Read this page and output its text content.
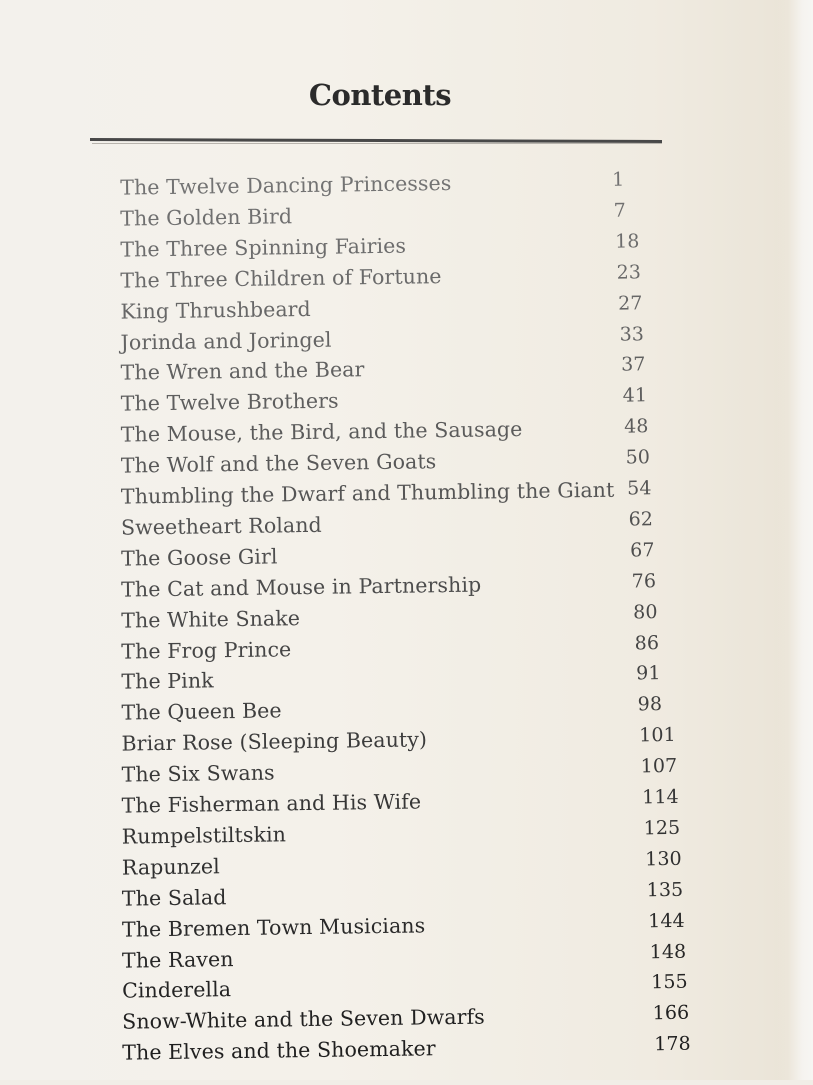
Contents
The Twelve Dancing Princesses	1
The Golden Bird	7
The Three Spinning Fairies	18
The Three Children of Fortune	23
King Thrushbeard	27
Jorinda and Joringel	33
The Wren and the Bear	37
The Twelve Brothers	41
The Mouse, the Bird, and the Sausage	48
The Wolf and the Seven Goats	50
Thumbling the Dwarf and Thumbling the Giant 54
Sweetheart Roland	62
The Goose Girl	67
The Cat and Mouse in Partnership	76
The White Snake	80
The Frog Prince	86
The Pink	91
The Queen Bee	98
Briar Rose (Sleeping Beauty)	101
The Six Swans	107
The Fisherman and His Wife	114
Rumpelstiltskin	125
Rapunzel	130
The Salad	135
The Bremen Town Musicians	144
The Raven	148
Cinderella	155
Snow-White and the Seven Dwarfs	166
The Elves and the Shoemaker	178
